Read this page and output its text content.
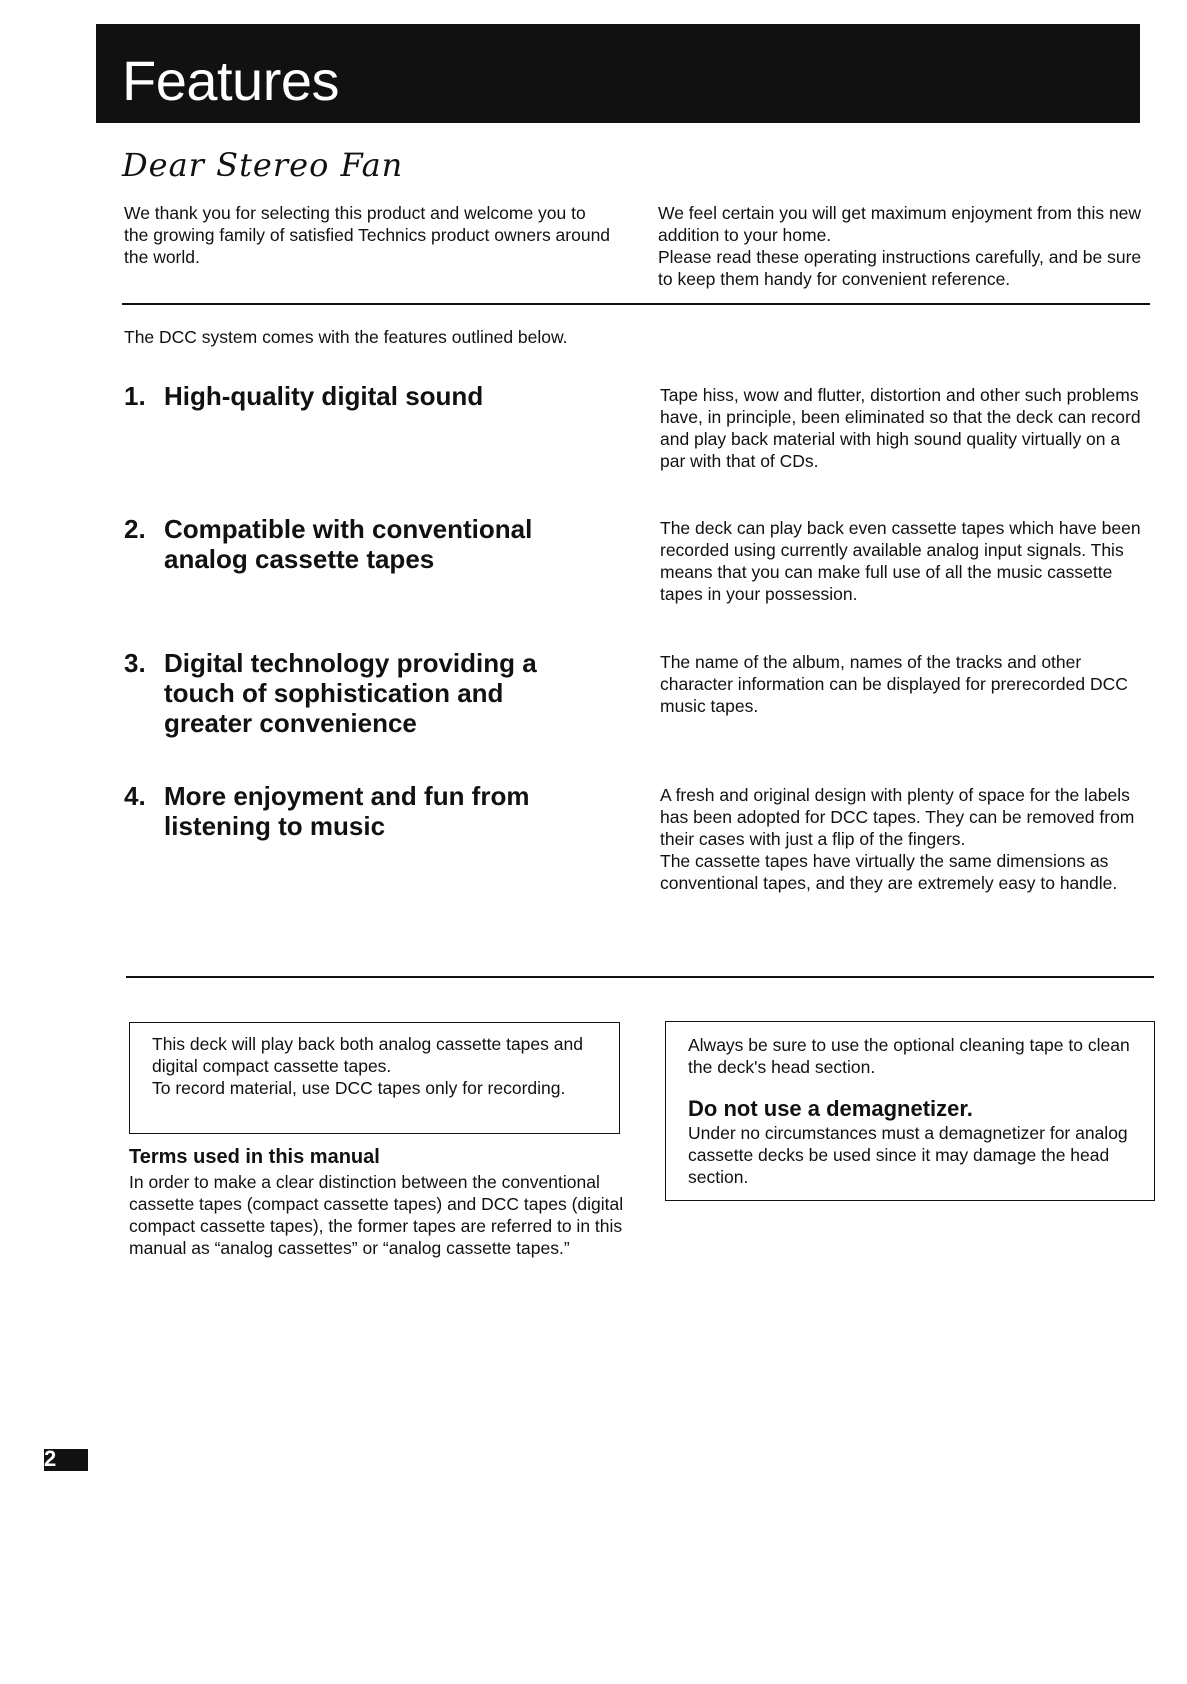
Features
Dear Stereo Fan

We thank you for selecting this product and welcome you to the growing family of satisfied Technics product owners around the world.

We feel certain you will get maximum enjoyment from this new addition to your home.
Please read these operating instructions carefully, and be sure to keep them handy for convenient reference.

The DCC system comes with the features outlined below.

1. High-quality digital sound	Tape hiss, wow and flutter, distortion and other such problems have, in principle, been eliminated so that the deck can record and play back material with high sound quality virtually on a par with that of CDs.

2. Compatible with conventional analog cassette tapes

The deck can play back even cassette tapes which have been recorded using currently available analog input signals. This means that you can make full use of all the music cassette tapes in your possession.

3. Digital technology providing a touch of sophistication and greater convenience

The name of the album, names of the tracks and other character information can be displayed for prerecorded DCC music tapes.

4. More enjoyment and fun from listening to music
A fresh and original design with plenty of space for the labels has been adopted for DCC tapes. They can be removed from their cases with just a flip of the fingers.
The cassette tapes have virtually the same dimensions as conventional tapes, and they are extremely easy to handle.

This deck will play back both analog cassette tapes and digital compact cassette tapes.

To record material, use DCC tapes only for recording.

Terms used in this manual

In order to make a clear distinction between the conventional cassette tapes (compact cassette tapes) and DCC tapes (digital compact cassette tapes), the former tapes are referred to in this manual as “analog cassettes” or “analog cassette tapes.”

Always be sure to use the optional cleaning tape to clean the deck's head section.

Do not use a demagnetizer.

Under no circumstances must a demagnetizer for analog cassette decks be used since it may damage the head section.

2
